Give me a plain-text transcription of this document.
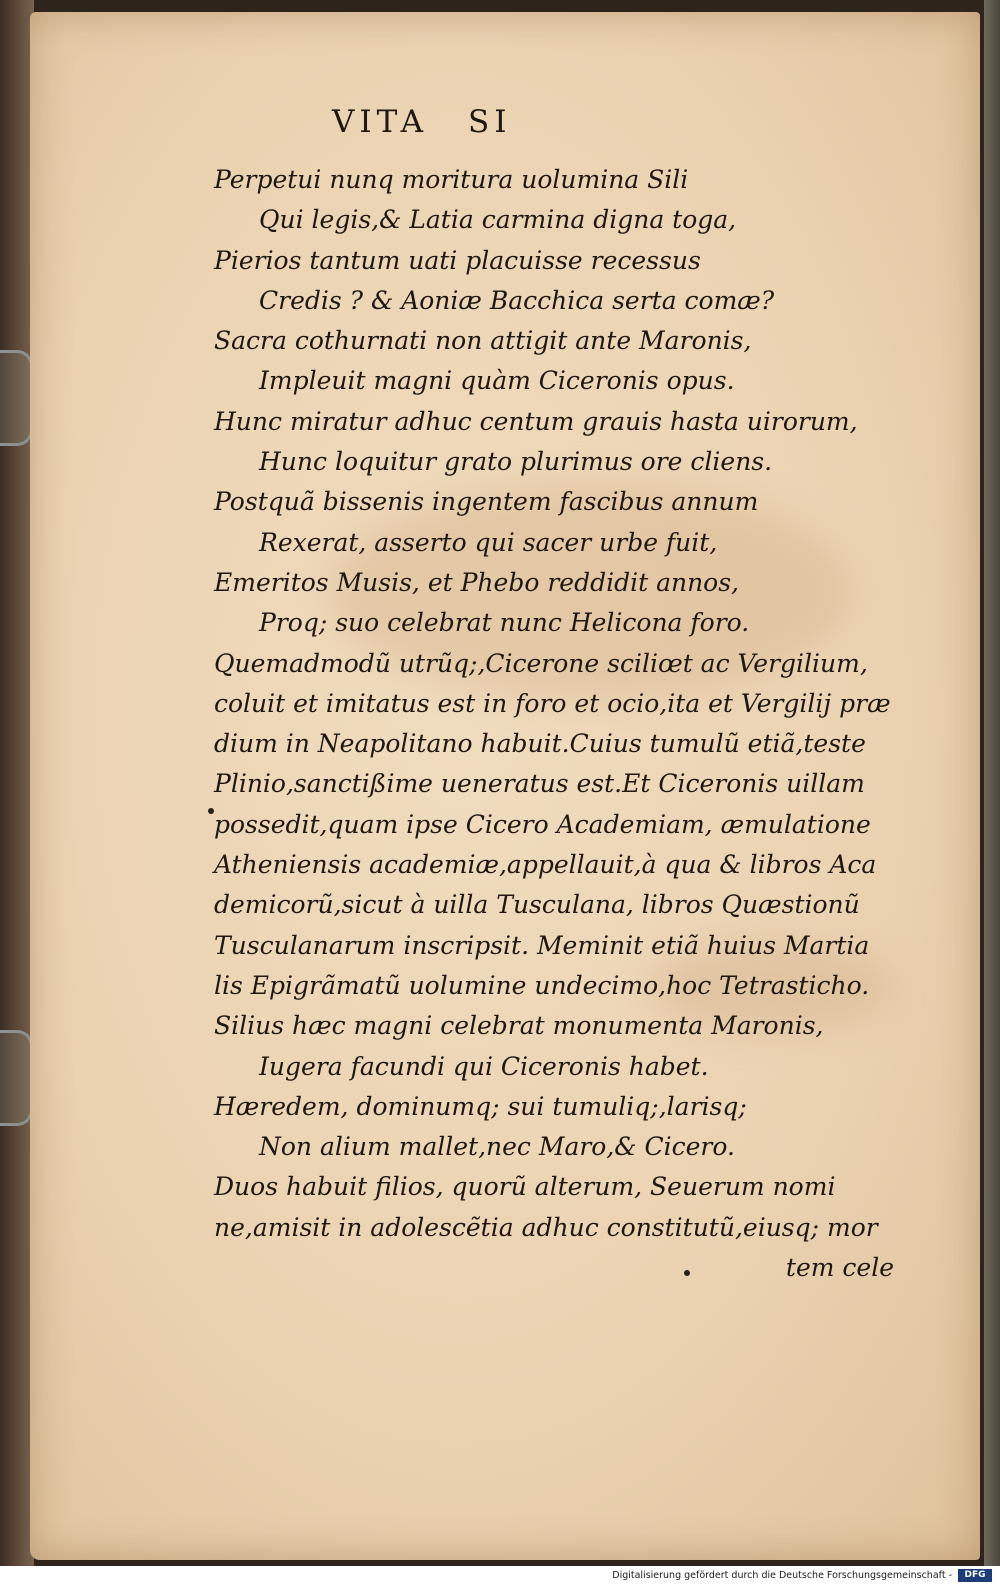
VITA SI
Perpetui nunq moritura uolumina Sili
Qui legis,& Latia carmina digna toga,
Pierios tantum uati placuisse recessus
Credis ? & Aoniæ Bacchica serta comæ?
Sacra cothurnati non attigit ante Maronis,
Impleuit magni quàm Ciceronis opus.
Hunc miratur adhuc centum grauis hasta uirorum,
Hunc loquitur grato plurimus ore cliens.
Postquã bissenis ingentem fascibus annum
Rexerat, asserto qui sacer urbe fuit,
Emeritos Musis, et Phebo reddidit annos,
Proq; suo celebrat nunc Helicona foro.
Quemadmodũ utrũq;,Cicerone sciliœt ac Vergilium,
coluit et imitatus est in foro et ocio,ita et Vergilij præ
dium in Neapolitano habuit.Cuius tumulũ etiã,teste
Plinio,sanctißime ueneratus est.Et Ciceronis uillam
possedit,quam ipse Cicero Academiam, æmulatione
Atheniensis academiæ,appellauit,à qua & libros Aca
demicorũ,sicut à uilla Tusculana, libros Quæstionũ
Tusculanarum inscripsit. Meminit etiã huius Martia
lis Epigrãmatũ uolumine undecimo,hoc Tetrasticho.
Silius hæc magni celebrat monumenta Maronis,
Iugera facundi qui Ciceronis habet.
Hæredem, dominumq; sui tumuliq;,larisq;
Non alium mallet,nec Maro,& Cicero.
Duos habuit filios, quorũ alterum, Seuerum nomi
ne,amisit in adolescẽtia adhuc constitutũ,eiusq; mor
tem cele
Digitalisierung gefördert durch die Deutsche Forschungsgemeinschaft -	DFG
